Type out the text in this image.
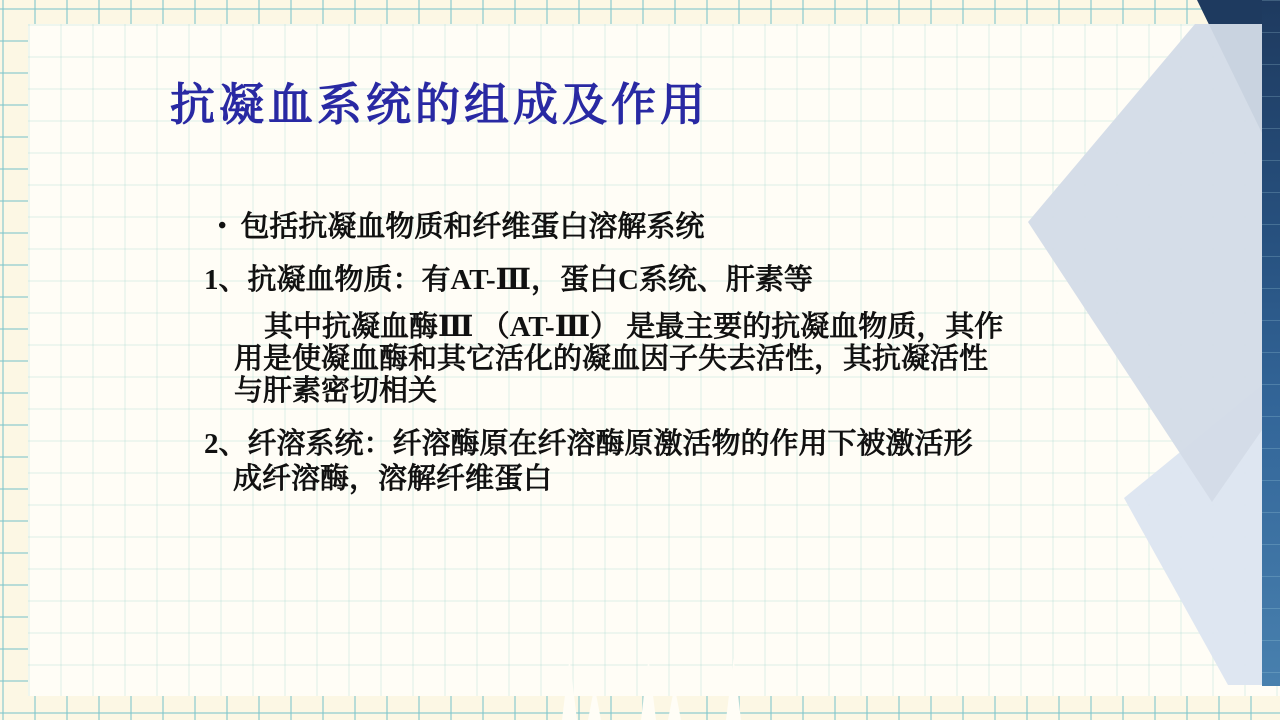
抗凝血系统的组成及作用
• 包括抗凝血物质和纤维蛋白溶解系统
1、抗凝血物质：有AT-Ⅲ，蛋白C系统、肝素等
其中抗凝血酶Ⅲ （AT-Ⅲ） 是最主要的抗凝血物质，其作
用是使凝血酶和其它活化的凝血因子失去活性，其抗凝活性
与肝素密切相关
2、纤溶系统：纤溶酶原在纤溶酶原激活物的作用下被激活形
成纤溶酶，溶解纤维蛋白
